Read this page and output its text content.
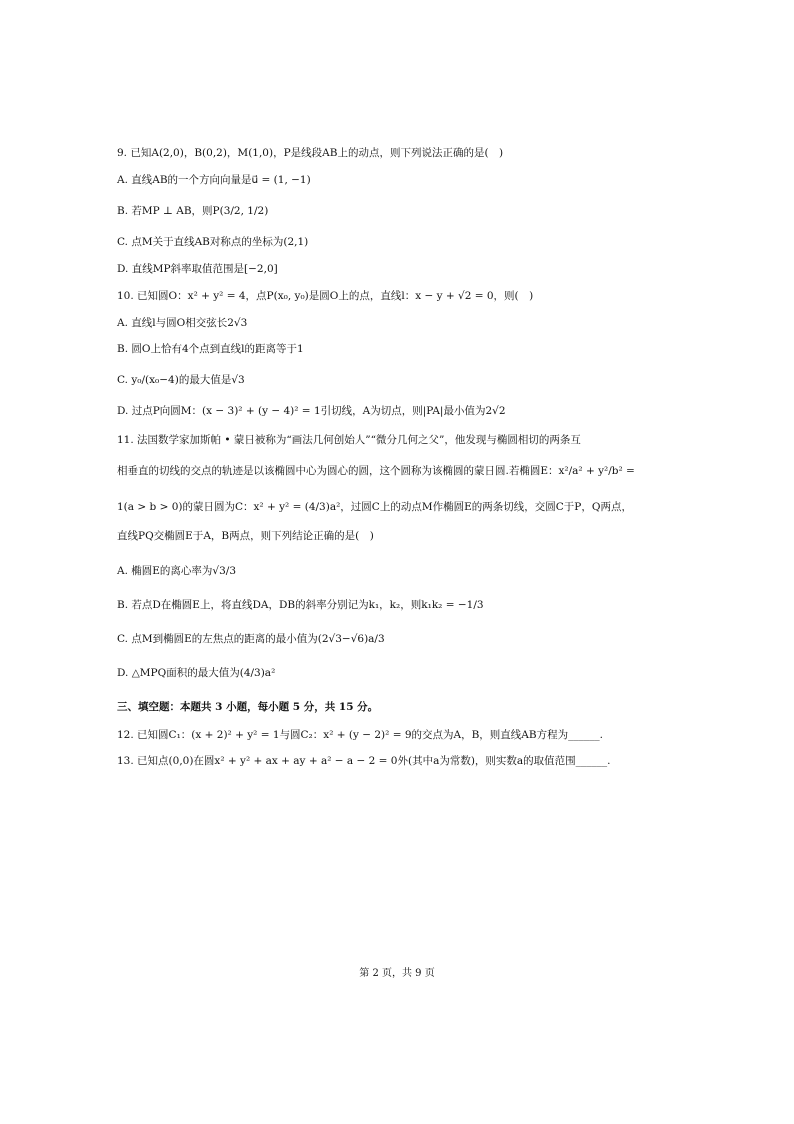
9. 已知A(2,0)，B(0,2)，M(1,0)，P是线段AB上的动点，则下列说法正确的是(　)
A. 直线AB的一个方向向量是u⃗ = (1, −1)
B. 若MP ⊥ AB，则P(3/2, 1/2)
C. 点M关于直线AB对称点的坐标为(2,1)
D. 直线MP斜率取值范围是[−2,0]
10. 已知圆O：x² + y² = 4，点P(x₀, y₀)是圆O上的点，直线l：x − y + √2 = 0，则(　)
A. 直线l与圆O相交弦长2√3
B. 圆O上恰有4个点到直线l的距离等于1
C. y₀/(x₀−4)的最大值是√3
D. 过点P向圆M：(x − 3)² + (y − 4)² = 1引切线，A为切点，则|PA|最小值为2√2
11. 法国数学家加斯帕 • 蒙日被称为“画法几何创始人”“微分几何之父”，他发现与椭圆相切的两条互
相垂直的切线的交点的轨迹是以该椭圆中心为圆心的圆，这个圆称为该椭圆的蒙日圆.若椭圆E：x²/a² + y²/b² =
1(a > b > 0)的蒙日圆为C：x² + y² = (4/3)a²，过圆C上的动点M作椭圆E的两条切线，交圆C于P，Q两点，
直线PQ交椭圆E于A，B两点，则下列结论正确的是(　)
A. 椭圆E的离心率为√3/3
B. 若点D在椭圆E上，将直线DA，DB的斜率分别记为k₁，k₂，则k₁k₂ = −1/3
C. 点M到椭圆E的左焦点的距离的最小值为(2√3−√6)a/3
D. △MPQ面积的最大值为(4/3)a²
三、填空题：本题共 3 小题，每小题 5 分，共 15 分。
12. 已知圆C₁：(x + 2)² + y² = 1与圆C₂：x² + (y − 2)² = 9的交点为A，B，则直线AB方程为______.
13. 已知点(0,0)在圆x² + y² + ax + ay + a² − a − 2 = 0外(其中a为常数)，则实数a的取值范围______.
第 2 页，共 9 页
